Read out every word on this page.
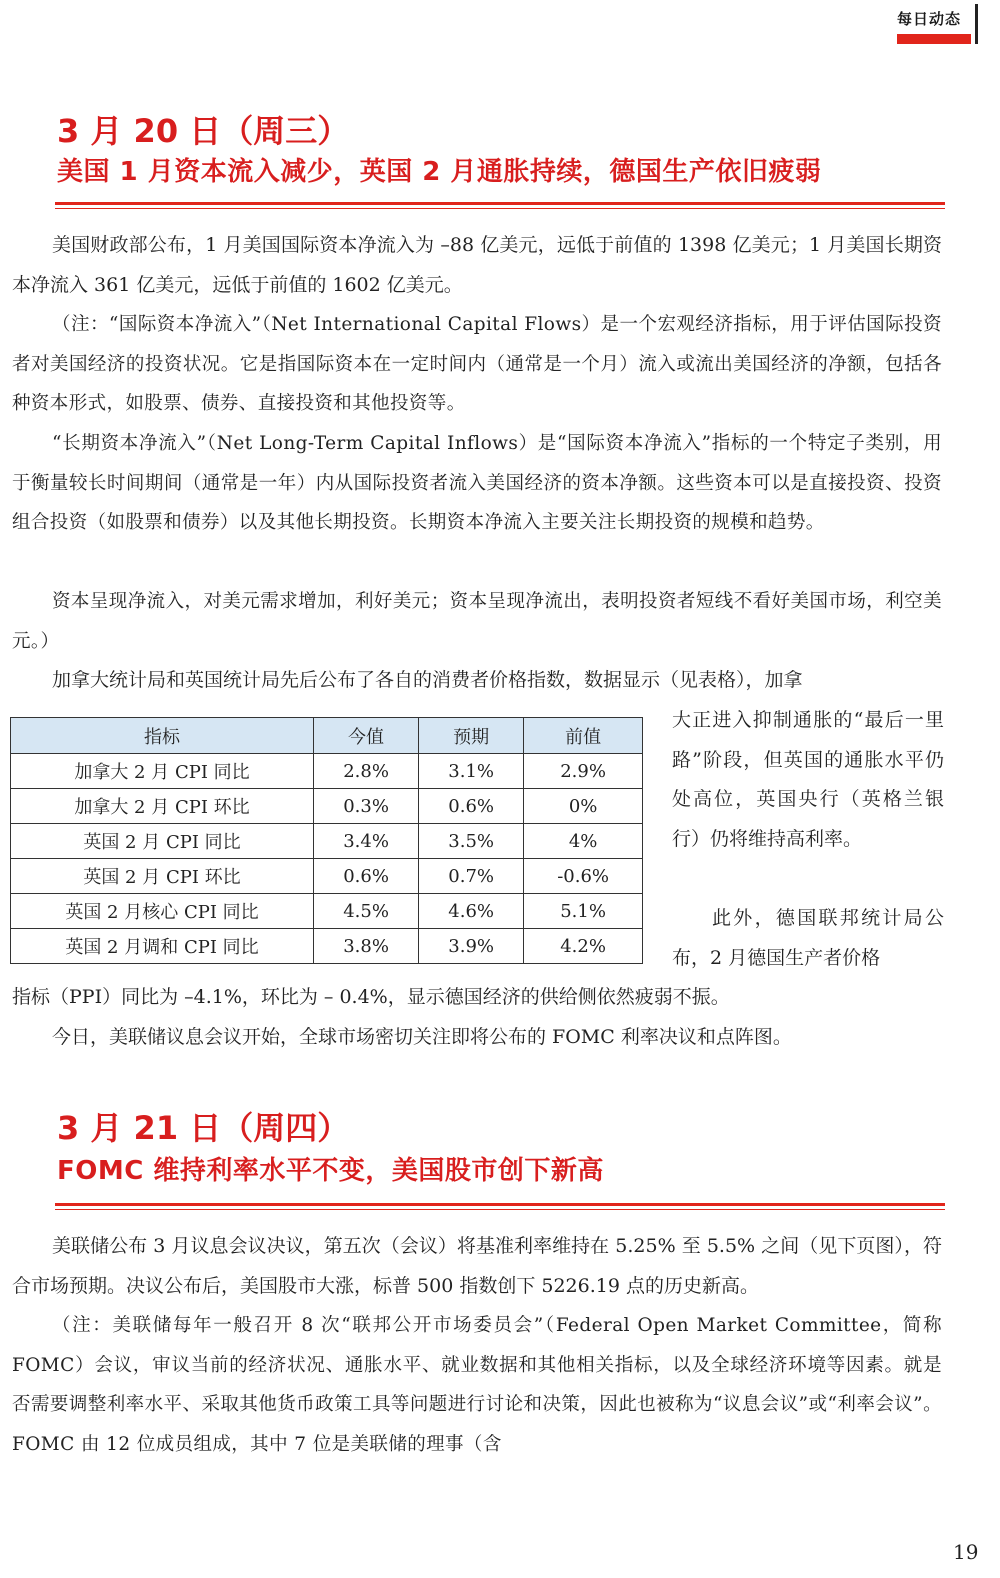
每日动态
3 月 20 日（周三）
美国 1 月资本流入减少，英国 2 月通胀持续，德国生产依旧疲弱

美国财政部公布，1 月美国国际资本净流入为 –88 亿美元，远低于前值的 1398 亿美元；1 月美国长期资本净流入 361 亿美元，远低于前值的 1602 亿美元。

（注：“国际资本净流入”（Net International Capital Flows）是一个宏观经济指标，用于评估国际投资者对美国经济的投资状况。它是指国际资本在一定时间内（通常是一个月）流入或流出美国经济的净额，包括各种资本形式，如股票、债券、直接投资和其他投资等。

“长期资本净流入”（Net Long-Term Capital Inflows）是“国际资本净流入”指标的一个特定子类别，用于衡量较长时间期间（通常是一年）内从国际投资者流入美国经济的资本净额。这些资本可以是直接投资、投资组合投资（如股票和债券）以及其他长期投资。长期资本净流入主要关注长期投资的规模和趋势。

资本呈现净流入，对美元需求增加，利好美元；资本呈现净流出，表明投资者短线不看好美国市场，利空美元。）

加拿大统计局和英国统计局先后公布了各自的消费者价格指数，数据显示（见表格），加拿

指标	今值	预期	前值
加拿大 2 月 CPI 同比	2.8%	3.1%	2.9%
加拿大 2 月 CPI 环比	0.3%	0.6%	0%
英国 2 月 CPI 同比	3.4%	3.5%	4%
英国 2 月 CPI 环比	0.6%	0.7%	-0.6%
英国 2 月核心 CPI 同比	4.5%	4.6%	5.1%
英国 2 月调和 CPI 同比	3.8%	3.9%	4.2%

大正进入抑制通胀的“最后一里路”阶段，但英国的通胀水平仍处高位，英国央行（英格兰银行）仍将维持高利率。

此外，德国联邦统计局公布，2 月德国生产者价格

指标（PPI）同比为 –4.1%，环比为 – 0.4%，显示德国经济的供给侧依然疲弱不振。

今日，美联储议息会议开始，全球市场密切关注即将公布的 FOMC 利率决议和点阵图。

3 月 21 日（周四）
FOMC 维持利率水平不变，美国股市创下新高

美联储公布 3 月议息会议决议，第五次（会议）将基准利率维持在 5.25% 至 5.5% 之间（见下页图），符合市场预期。决议公布后，美国股市大涨，标普 500 指数创下 5226.19 点的历史新高。

（注：美联储每年一般召开 8 次“联邦公开市场委员会”（Federal Open Market Committee，简称 FOMC）会议，审议当前的经济状况、通胀水平、就业数据和其他相关指标，以及全球经济环境等因素。就是否需要调整利率水平、采取其他货币政策工具等问题进行讨论和决策，因此也被称为“议息会议”或“利率会议”。FOMC 由 12 位成员组成，其中 7 位是美联储的理事（含

19
